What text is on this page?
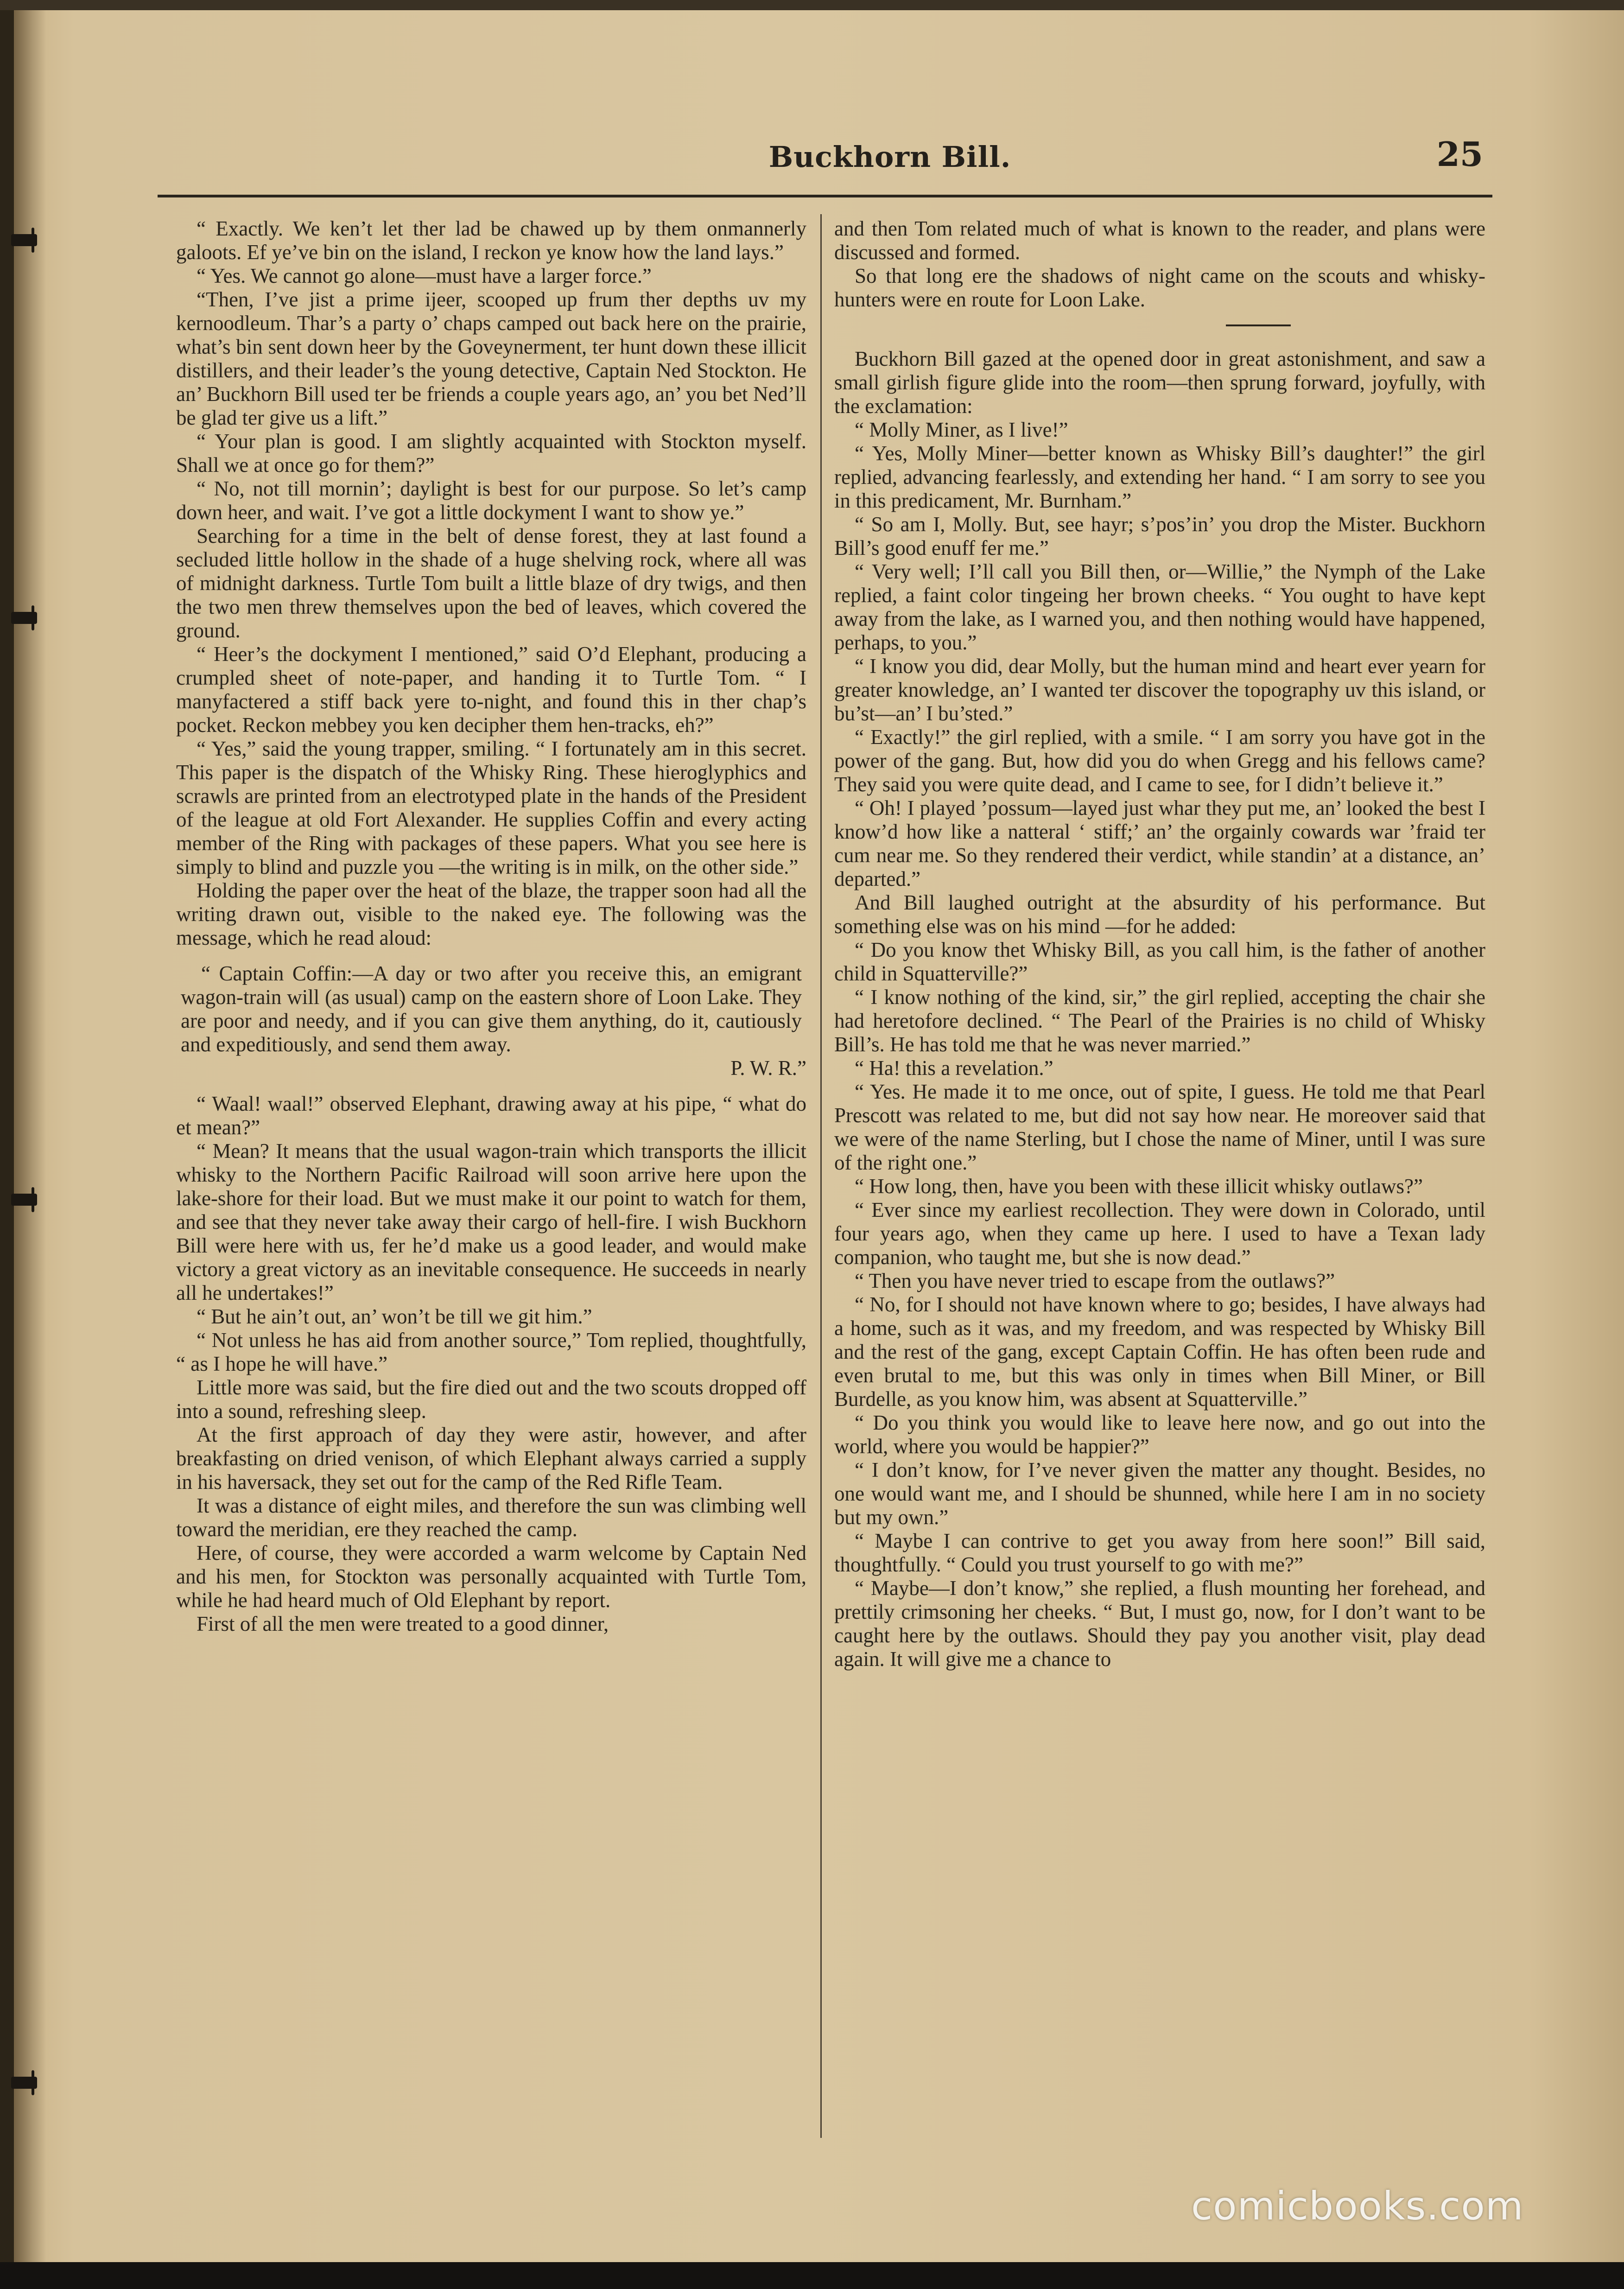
Buckhorn Bill.	25

“ Exactly. We ken’t let ther lad be chawed up by them onmannerly galoots. Ef ye’ve bin on the island, I reckon ye know how the land lays.”

“ Yes. We cannot go alone—must have a larger force.”

“Then, I’ve jist a prime ijeer, scooped up frum ther depths uv my kernoodleum. Thar’s a party o’ chaps camped out back here on the prairie, what’s bin sent down heer by the Goveynerment, ter hunt down these illicit distillers, and their leader’s the young detective, Captain Ned Stockton. He an’ Buckhorn Bill used ter be friends a couple years ago, an’ you bet Ned’ll be glad ter give us a lift.”

“ Your plan is good. I am slightly acquainted with Stockton myself. Shall we at once go for them?”

“ No, not till mornin’; daylight is best for our purpose. So let’s camp down heer, and wait. I’ve got a little dockyment I want to show ye.”

Searching for a time in the belt of dense forest, they at last found a secluded little hollow in the shade of a huge shelving rock, where all was of midnight darkness. Turtle Tom built a little blaze of dry twigs, and then the two men threw themselves upon the bed of leaves, which covered the ground.

“ Heer’s the dockyment I mentioned,” said O’d Elephant, producing a crumpled sheet of note-paper, and handing it to Turtle Tom. “ I manyfactered a stiff back yere to-night, and found this in ther chap’s pocket. Reckon mebbey you ken decipher them hen-tracks, eh?”

“ Yes,” said the young trapper, smiling. “ I fortunately am in this secret. This paper is the dispatch of the Whisky Ring. These hieroglyphics and scrawls are printed from an electrotyped plate in the hands of the President of the league at old Fort Alexander. He supplies Coffin and every acting member of the Ring with packages of these papers. What you see here is simply to blind and puzzle you —the writing is in milk, on the other side.”

Holding the paper over the heat of the blaze, the trapper soon had all the writing drawn out, visible to the naked eye. The following was the message, which he read aloud:

“ Captain Coffin:—A day or two after you receive this, an emigrant wagon-train will (as usual) camp on the eastern shore of Loon Lake. They are poor and needy, and if you can give them anything, do it, cautiously and expeditiously, and send them away.

P. W. R.”

“ Waal! waal!” observed Elephant, drawing away at his pipe, “ what do et mean?”

“ Mean? It means that the usual wagon-train which transports the illicit whisky to the Northern Pacific Railroad will soon arrive here upon the lake-shore for their load. But we must make it our point to watch for them, and see that they never take away their cargo of hell-fire. I wish Buckhorn Bill were here with us, fer he’d make us a good leader, and would make victory a great victory as an inevitable consequence. He succeeds in nearly all he undertakes!”

“ But he ain’t out, an’ won’t be till we git him.”

“ Not unless he has aid from another source,” Tom replied, thoughtfully, “ as I hope he will have.”

Little more was said, but the fire died out and the two scouts dropped off into a sound, refreshing sleep.

At the first approach of day they were astir, however, and after breakfasting on dried venison, of which Elephant always carried a supply in his haversack, they set out for the camp of the Red Rifle Team.

It was a distance of eight miles, and therefore the sun was climbing well toward the meridian, ere they reached the camp.

Here, of course, they were accorded a warm welcome by Captain Ned and his men, for Stockton was personally acquainted with Turtle Tom, while he had heard much of Old Elephant by report.

First of all the men were treated to a good dinner,

and then Tom related much of what is known to the reader, and plans were discussed and formed.

So that long ere the shadows of night came on the scouts and whisky-hunters were en route for Loon Lake.

Buckhorn Bill gazed at the opened door in great astonishment, and saw a small girlish figure glide into the room—then sprung forward, joyfully, with the exclamation:

“ Molly Miner, as I live!”

“ Yes, Molly Miner—better known as Whisky Bill’s daughter!” the girl replied, advancing fearlessly, and extending her hand. “ I am sorry to see you in this predicament, Mr. Burnham.”

“ So am I, Molly. But, see hayr; s’pos’in’ you drop the Mister. Buckhorn Bill’s good enuff fer me.”

“ Very well; I’ll call you Bill then, or—Willie,” the Nymph of the Lake replied, a faint color tingeing her brown cheeks. “ You ought to have kept away from the lake, as I warned you, and then nothing would have happened, perhaps, to you.”

“ I know you did, dear Molly, but the human mind and heart ever yearn for greater knowledge, an’ I wanted ter discover the topography uv this island, or bu’st—an’ I bu’sted.”

“ Exactly!” the girl replied, with a smile. “ I am sorry you have got in the power of the gang. But, how did you do when Gregg and his fellows came? They said you were quite dead, and I came to see, for I didn’t believe it.”

“ Oh! I played ’possum—layed just whar they put me, an’ looked the best I know’d how like a natteral ‘ stiff;’ an’ the orgainly cowards war ’fraid ter cum near me. So they rendered their verdict, while standin’ at a distance, an’ departed.”

And Bill laughed outright at the absurdity of his performance. But something else was on his mind —for he added:

“ Do you know thet Whisky Bill, as you call him, is the father of another child in Squatterville?”

“ I know nothing of the kind, sir,” the girl replied, accepting the chair she had heretofore declined. “ The Pearl of the Prairies is no child of Whisky Bill’s. He has told me that he was never married.”

“ Ha! this a revelation.”

“ Yes. He made it to me once, out of spite, I guess. He told me that Pearl Prescott was related to me, but did not say how near. He moreover said that we were of the name Sterling, but I chose the name of Miner, until I was sure of the right one.”

“ How long, then, have you been with these illicit whisky outlaws?”

“ Ever since my earliest recollection. They were down in Colorado, until four years ago, when they came up here. I used to have a Texan lady companion, who taught me, but she is now dead.”

“ Then you have never tried to escape from the outlaws?”

“ No, for I should not have known where to go; besides, I have always had a home, such as it was, and my freedom, and was respected by Whisky Bill and the rest of the gang, except Captain Coffin. He has often been rude and even brutal to me, but this was only in times when Bill Miner, or Bill Burdelle, as you know him, was absent at Squatterville.”

“ Do you think you would like to leave here now, and go out into the world, where you would be happier?”

“ I don’t know, for I’ve never given the matter any thought. Besides, no one would want me, and I should be shunned, while here I am in no society but my own.”

“ Maybe I can contrive to get you away from here soon!” Bill said, thoughtfully. “ Could you trust yourself to go with me?”

“ Maybe—I don’t know,” she replied, a flush mounting her forehead, and prettily crimsoning her cheeks. “ But, I must go, now, for I don’t want to be caught here by the outlaws. Should they pay you another visit, play dead again. It will give me a chance to

comicbooks.com
